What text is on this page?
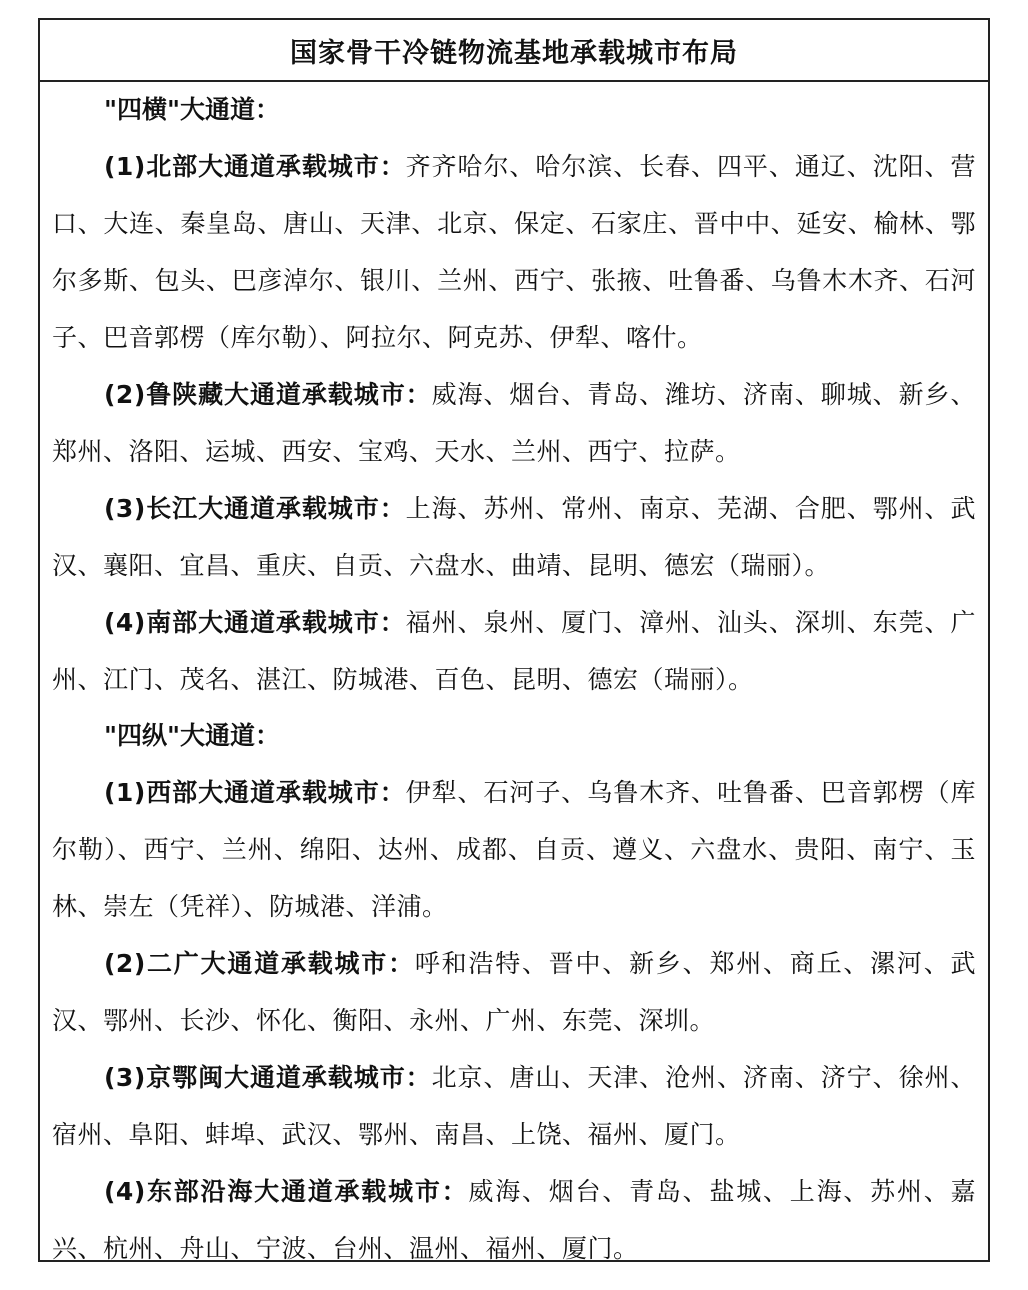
国家骨干冷链物流基地承载城市布局

"四横"大通道：

(1)北部大通道承载城市：齐齐哈尔、哈尔滨、长春、四平、通辽、沈阳、营口、大连、秦皇岛、唐山、天津、北京、保定、石家庄、晋中中、延安、榆林、鄂尔多斯、包头、巴彦淖尔、银川、兰州、西宁、张掖、吐鲁番、乌鲁木木齐、石河子、巴音郭楞（库尔勒）、阿拉尔、阿克苏、伊犁、喀什。

(2)鲁陕藏大通道承载城市：威海、烟台、青岛、潍坊、济南、聊城、新乡、郑州、洛阳、运城、西安、宝鸡、天水、兰州、西宁、拉萨。

(3)长江大通道承载城市：上海、苏州、常州、南京、芜湖、合肥、鄂州、武汉、襄阳、宜昌、重庆、自贡、六盘水、曲靖、昆明、德宏（瑞丽）。

(4)南部大通道承载城市：福州、泉州、厦门、漳州、汕头、深圳、东莞、广州、江门、茂名、湛江、防城港、百色、昆明、德宏（瑞丽）。

"四纵"大通道：

(1)西部大通道承载城市：伊犁、石河子、乌鲁木齐、吐鲁番、巴音郭楞（库尔勒）、西宁、兰州、绵阳、达州、成都、自贡、遵义、六盘水、贵阳、南宁、玉林、崇左（凭祥）、防城港、洋浦。

(2)二广大通道承载城市：呼和浩特、晋中、新乡、郑州、商丘、漯河、武汉、鄂州、长沙、怀化、衡阳、永州、广州、东莞、深圳。

(3)京鄂闽大通道承载城市：北京、唐山、天津、沧州、济南、济宁、徐州、宿州、阜阳、蚌埠、武汉、鄂州、南昌、上饶、福州、厦门。

(4)东部沿海大通道承载城市：威海、烟台、青岛、盐城、上海、苏州、嘉兴、杭州、舟山、宁波、台州、温州、福州、厦门。
